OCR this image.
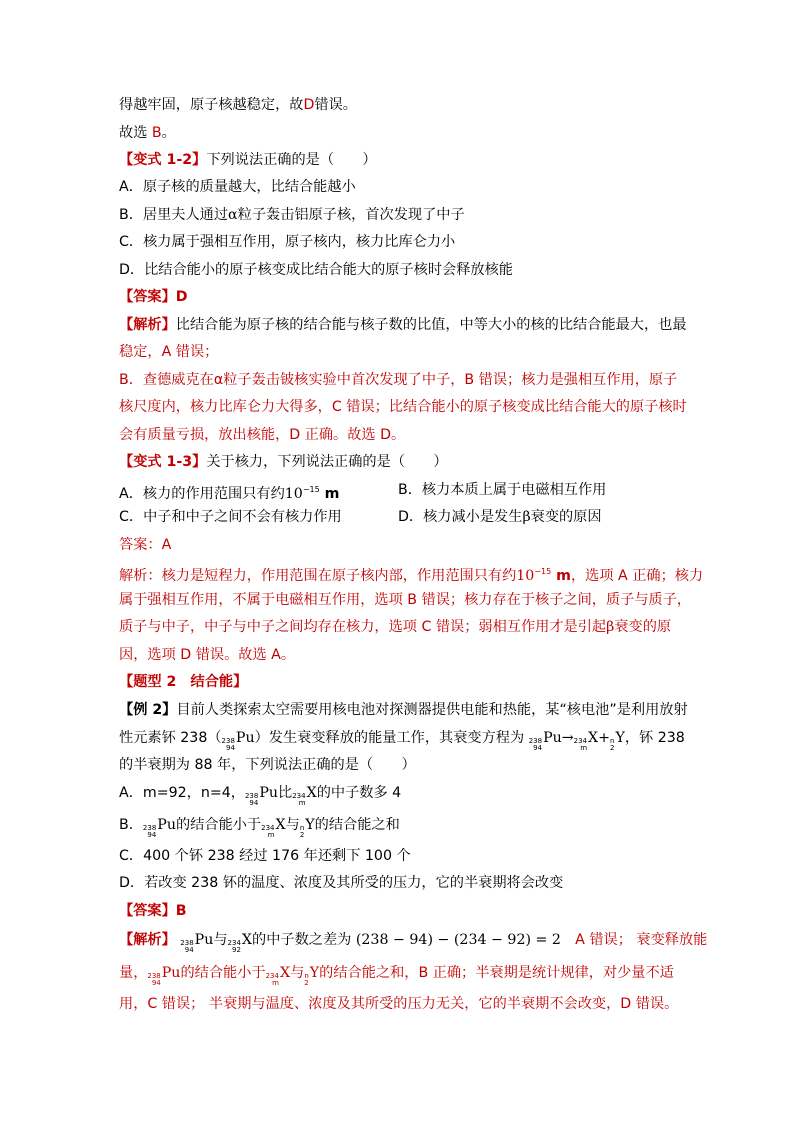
得越牢固，原子核越稳定，故D错误。
故选 B。
【变式 1-2】下列说法正确的是（　　）
A．原子核的质量越大，比结合能越小
B．居里夫人通过α粒子轰击铝原子核，首次发现了中子
C．核力属于强相互作用，原子核内，核力比库仑力小
D．比结合能小的原子核变成比结合能大的原子核时会释放核能
【答案】D
【解析】比结合能为原子核的结合能与核子数的比值，中等大小的核的比结合能最大，也最
稳定，A 错误；
B．查德威克在α粒子轰击铍核实验中首次发现了中子，B 错误；核力是强相互作用，原子
核尺度内，核力比库仑力大得多，C 错误；比结合能小的原子核变成比结合能大的原子核时
会有质量亏损，放出核能，D 正确。故选 D。
【变式 1-3】关于核力，下列说法正确的是（　　）
A．核力的作用范围只有约$10^{-15}$ m	B．核力本质上属于电磁相互作用
C．中子和中子之间不会有核力作用	D．核力减小是发生β衰变的原因
答案：A
解析：核力是短程力，作用范围在原子核内部，作用范围只有约$10^{-15}$ m，选项 A 正确；核力
属于强相互作用，不属于电磁相互作用，选项 B 错误；核力存在于核子之间，质子与质子，
质子与中子，中子与中子之间均存在核力，选项 C 错误；弱相互作用才是引起β衰变的原
因，选项 D 错误。故选 A。
【题型 2　结合能】
【例 2】目前人类探索太空需要用核电池对探测器提供电能和热能，某“核电池”是利用放射
性元素钚 238（ 238
94
Pu）发生衰变释放的能量工作，其衰变方程为 238
94
Pu→ 234
m
X+ n
2
Y，钚 238
的半衰期为 88 年，下列说法正确的是（　　）
A．m=92，n=4， 238
94
Pu比 234
m
X的中子数多 4
B． 238
94
Pu的结合能小于 234
m
X与 n
2
Y的结合能之和
C．400 个钚 238 经过 176 年还剩下 100 个
D．若改变 238 钚的温度、浓度及其所受的压力，它的半衰期将会改变
【答案】B
【解析】 238
94
Pu与 234
92
X的中子数之差为 (238 − 94) − (234 − 92) = 2　 A 错误； 衰变释放能
量， 238
94
Pu的结合能小于 234
m
X与 n
2
Y的结合能之和，B 正确；半衰期是统计规律，对少量不适
用，C 错误； 半衰期与温度、浓度及其所受的压力无关，它的半衰期不会改变，D 错误。
